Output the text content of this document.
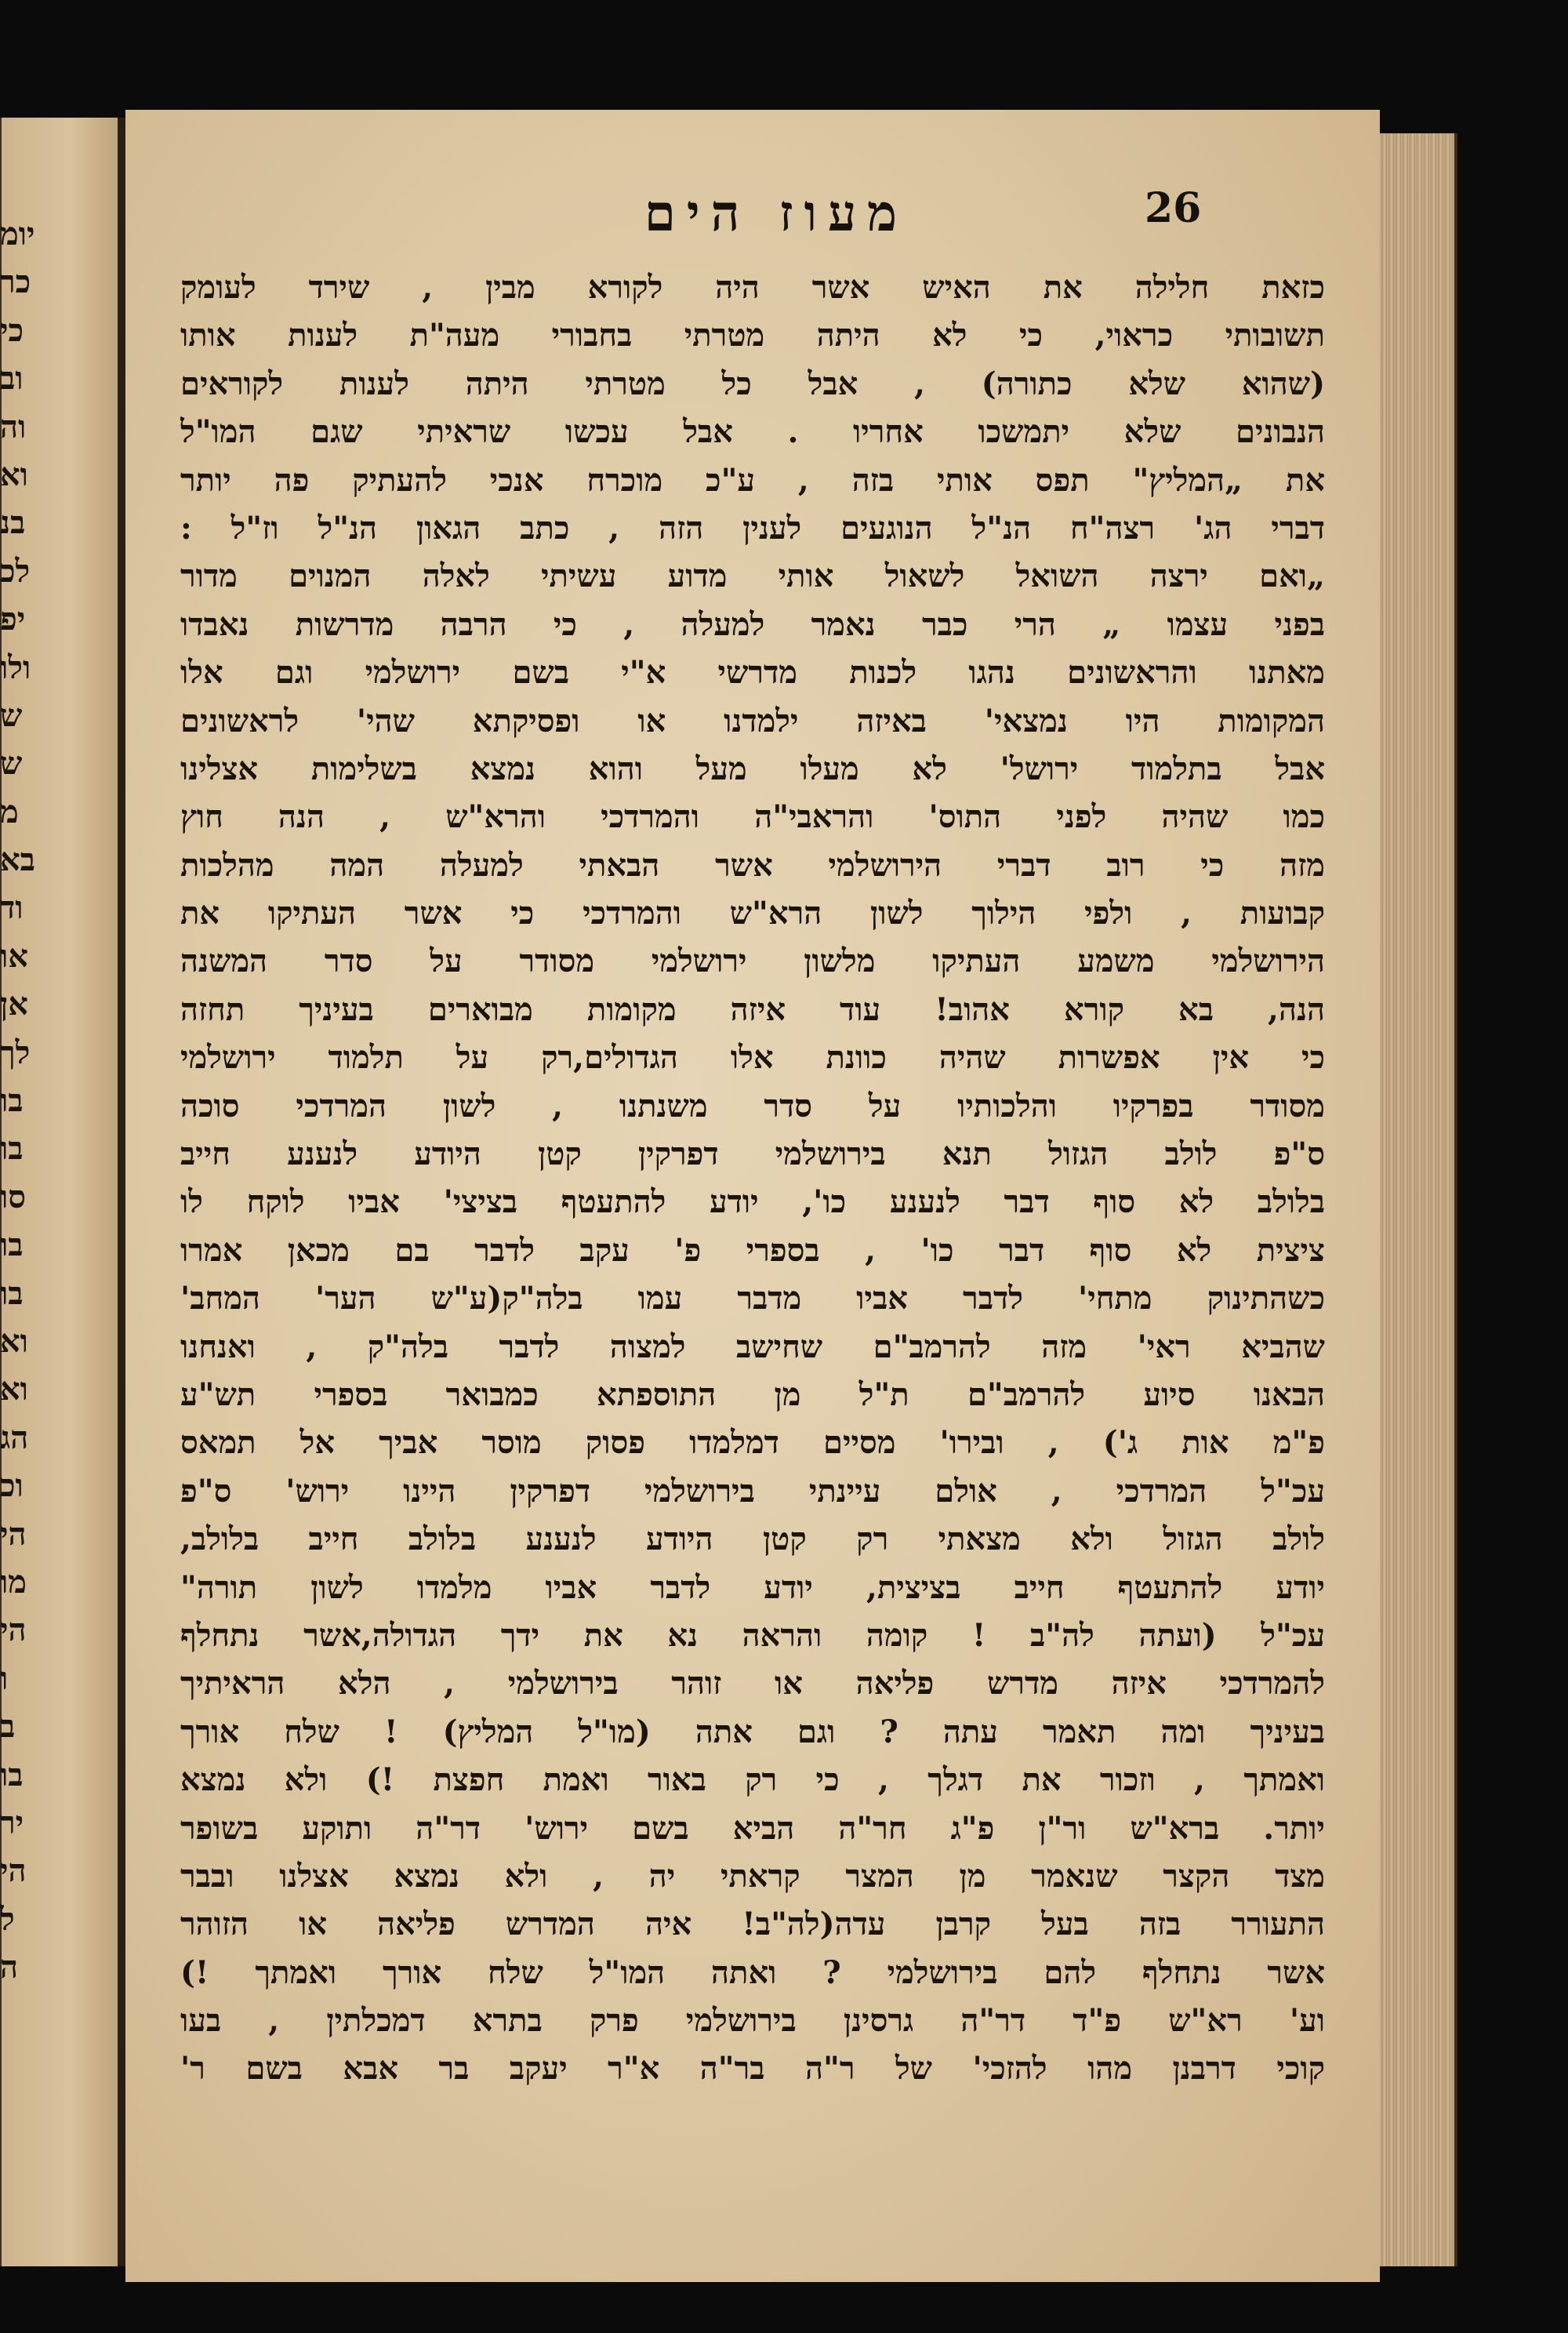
יומ
כר
כי
וב
וה
וא
בנ
לכ
יפ
ולו
ש
ש
מ
בא
וד
או
אן
לך
בו
בו
סו
בו
בו
וא
וא
הג
וכ
הי
מו
הי
ו
ב
בו
יר
הי
ל
ה
מעוז הים	26
כזאת חלילה את האיש אשר היה לקורא מבין , שירד לעומק
תשובותי כראוי, כי לא היתה מטרתי בחבורי מעה"ת לענות אותו
(שהוא שלא כתורה) , אבל כל מטרתי היתה לענות לקוראים
הנבונים שלא יתמשכו אחריו . אבל עכשו שראיתי שגם המו"ל
את „המליץ" תפס אותי בזה , ע"כ מוכרח אנכי להעתיק פה יותר
דברי הג' רצה"ח הנ"ל הנוגעים לענין הזה , כתב הגאון הנ"ל וז"ל :
„ואם ירצה השואל לשאול אותי מדוע עשיתי לאלה המנוים מדור
בפני עצמו „ הרי כבר נאמר למעלה , כי הרבה מדרשות נאבדו
מאתנו והראשונים נהגו לכנות מדרשי א"י בשם ירושלמי וגם אלו
המקומות היו נמצאי' באיזה ילמדנו או ופסיקתא שהי' לראשונים
אבל בתלמוד ירושל' לא מעלו מעל והוא נמצא בשלימות אצלינו
כמו שהיה לפני התוס' והראבי"ה והמרדכי והרא"ש , הנה חוץ
מזה כי רוב דברי הירושלמי אשר הבאתי למעלה המה מהלכות
קבועות , ולפי הילוך לשון הרא"ש והמרדכי כי אשר העתיקו את
הירושלמי משמע העתיקו מלשון ירושלמי מסודר על סדר המשנה
הנה, בא קורא אהוב! עוד איזה מקומות מבוארים בעיניך תחזה
כי אין אפשרות שהיה כוונת אלו הגדולים,רק על תלמוד ירושלמי
מסודר בפרקיו והלכותיו על סדר משנתנו , לשון המרדכי סוכה
ס"פ לולב הגזול תנא בירושלמי דפרקין קטן היודע לנענע חייב
בלולב לא סוף דבר לנענע כו', יודע להתעטף בציצי' אביו לוקח לו
ציצית לא סוף דבר כו' , בספרי פ' עקב לדבר בם מכאן אמרו
כשהתינוק מתחי' לדבר אביו מדבר עמו בלה"ק(ע"ש הער' המחב'
שהביא ראי' מזה להרמב"ם שחישב למצוה לדבר בלה"ק , ואנחנו
הבאנו סיוע להרמב"ם ת"ל מן התוספתא כמבואר בספרי תש"ע
פ"מ אות ג') , ובירו' מסיים דמלמדו פסוק מוסר אביך אל תמאס
עכ"ל המרדכי , אולם עיינתי בירושלמי דפרקין היינו ירוש' ס"פ
לולב הגזול ולא מצאתי רק קטן היודע לנענע בלולב חייב בלולב,
יודע להתעטף חייב בציצית, יודע לדבר אביו מלמדו לשון תורה"
עכ"ל (ועתה לה"ב ! קומה והראה נא את ידך הגדולה,אשר נתחלף
להמרדכי איזה מדרש פליאה או זוהר בירושלמי , הלא הראיתיך
בעיניך ומה תאמר עתה ? וגם אתה (מו"ל המליץ) ! שלח אורך
ואמתך , וזכור את דגלך , כי רק באור ואמת חפצת !) ולא נמצא
יותר. ברא"ש ור"ן פ"ג חר"ה הביא בשם ירוש' דר"ה ותוקע בשופר
מצד הקצר שנאמר מן המצר קראתי יה , ולא נמצא אצלנו ובבר
התעורר בזה בעל קרבן עדה(לה"ב! איה המדרש פליאה או הזוהר
אשר נתחלף להם בירושלמי ? ואתה המו"ל שלח אורך ואמתך !)
וע' רא"ש פ"ד דר"ה גרסינן בירושלמי פרק בתרא דמכלתין , בעו
קוכי דרבנן מהו להזכי' של ר"ה בר"ה א"ר יעקב בר אבא בשם ר'
